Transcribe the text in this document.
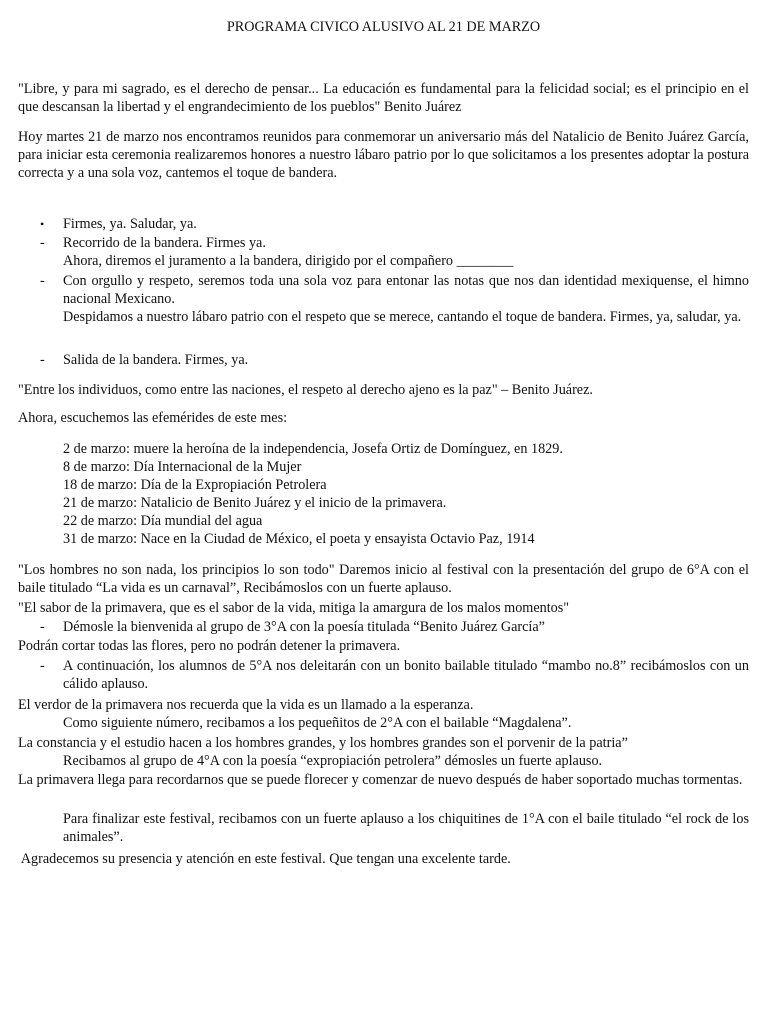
PROGRAMA CIVICO ALUSIVO AL 21 DE MARZO

"Libre, y para mi sagrado, es el derecho de pensar... La educación es fundamental para la felicidad social; es el principio en el que descansan la libertad y el engrandecimiento de los pueblos" Benito Juárez

Hoy martes 21 de marzo nos encontramos reunidos para conmemorar un aniversario más del Natalicio de Benito Juárez García, para iniciar esta ceremonia realizaremos honores a nuestro lábaro patrio por lo que solicitamos a los presentes adoptar la postura correcta y a una sola voz, cantemos el toque de bandera.

• Firmes, ya. Saludar, ya.
- Recorrido de la bandera. Firmes ya.
Ahora, diremos el juramento a la bandera, dirigido por el compañero ________
- Con orgullo y respeto, seremos toda una sola voz para entonar las notas que nos dan identidad mexiquense, el himno nacional Mexicano.
Despidamos a nuestro lábaro patrio con el respeto que se merece, cantando el toque de bandera. Firmes, ya, saludar, ya.
- Salida de la bandera. Firmes, ya.

"Entre los individuos, como entre las naciones, el respeto al derecho ajeno es la paz" – Benito Juárez.

Ahora, escuchemos las efemérides de este mes:

2 de marzo: muere la heroína de la independencia, Josefa Ortiz de Domínguez, en 1829.
8 de marzo: Día Internacional de la Mujer
18 de marzo: Día de la Expropiación Petrolera
21 de marzo: Natalicio de Benito Juárez y el inicio de la primavera.
22 de marzo: Día mundial del agua
31 de marzo: Nace en la Ciudad de México, el poeta y ensayista Octavio Paz, 1914

"Los hombres no son nada, los principios lo son todo" Daremos inicio al festival con la presentación del grupo de 6°A con el baile titulado “La vida es un carnaval”, Recibámoslos con un fuerte aplauso.

"El sabor de la primavera, que es el sabor de la vida, mitiga la amargura de los malos momentos"

- Démosle la bienvenida al grupo de 3°A con la poesía titulada “Benito Juárez García”

Podrán cortar todas las flores, pero no podrán detener la primavera.

- A continuación, los alumnos de 5°A nos deleitarán con un bonito bailable titulado “mambo no.8” recibámoslos con un cálido aplauso.

El verdor de la primavera nos recuerda que la vida es un llamado a la esperanza.

Como siguiente número, recibamos a los pequeñitos de 2°A con el bailable “Magdalena”.

La constancia y el estudio hacen a los hombres grandes, y los hombres grandes son el porvenir de la patria”

Recibamos al grupo de 4°A con la poesía “expropiación petrolera” démosles un fuerte aplauso.

La primavera llega para recordarnos que se puede florecer y comenzar de nuevo después de haber soportado muchas tormentas.

Para finalizar este festival, recibamos con un fuerte aplauso a los chiquitines de 1°A con el baile titulado “el rock de los animales”.

Agradecemos su presencia y atención en este festival. Que tengan una excelente tarde.
